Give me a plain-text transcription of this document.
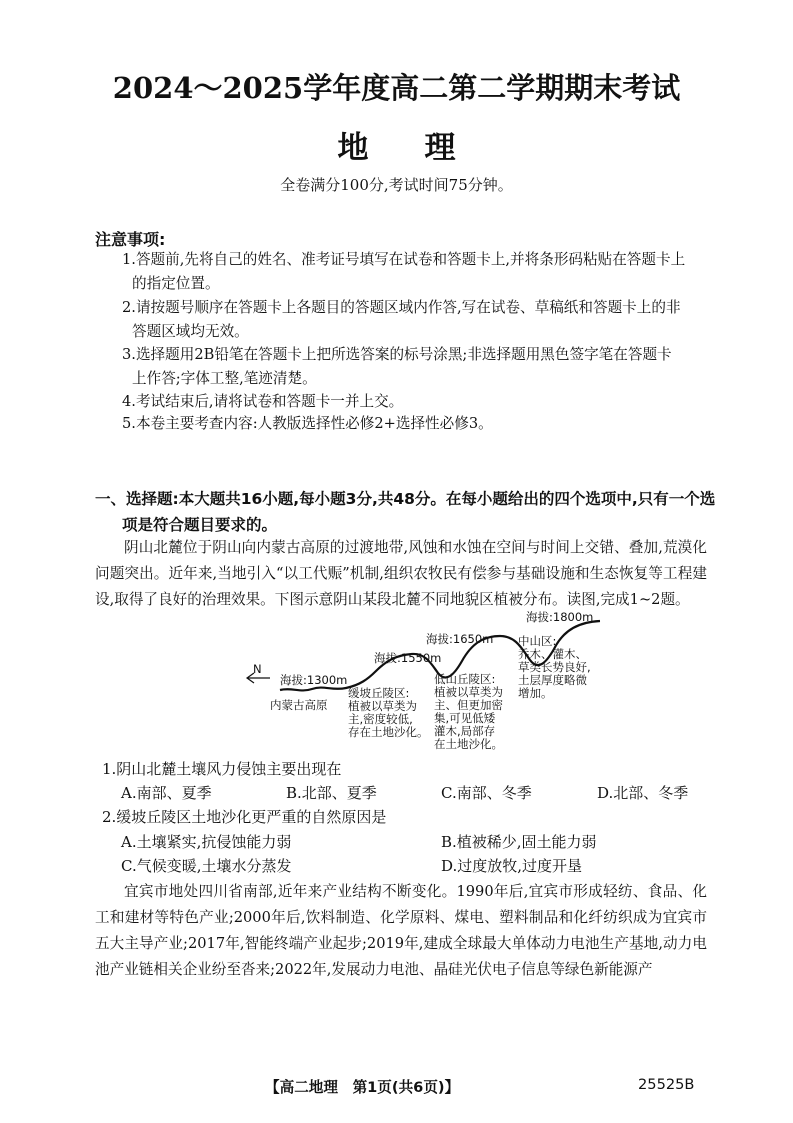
2024～2025学年度高二第二学期期末考试
地理
全卷满分100分,考试时间75分钟。
注意事项:
1.答题前,先将自己的姓名、准考证号填写在试卷和答题卡上,并将条形码粘贴在答题卡上
的指定位置。
2.请按题号顺序在答题卡上各题目的答题区域内作答,写在试卷、草稿纸和答题卡上的非
答题区域均无效。
3.选择题用2B铅笔在答题卡上把所选答案的标号涂黑;非选择题用黑色签字笔在答题卡
上作答;字体工整,笔迹清楚。
4.考试结束后,请将试卷和答题卡一并上交。
5.本卷主要考查内容:人教版选择性必修2+选择性必修3。
一、选择题:本大题共16小题,每小题3分,共48分。在每小题给出的四个选项中,只有一个选
项是符合题目要求的。
阴山北麓位于阴山向内蒙古高原的过渡地带,风蚀和水蚀在空间与时间上交错、叠加,荒漠化问题突出。近年来,当地引入“以工代赈”机制,组织农牧民有偿参与基础设施和生态恢复等工程建设,取得了良好的治理效果。下图示意阴山某段北麓不同地貌区植被分布。读图,完成1~2题。
N
海拔:1300m
海拔:1550m
海拔:1650m
海拔:1800m
内蒙古高原
缓坡丘陵区:
植被以草类为
主,密度较低,
存在土地沙化。
低山丘陵区:
植被以草类为
主、但更加密
集,可见低矮
灌木,局部存
在土地沙化。
中山区:
乔木、灌木、
草类长势良好,
土层厚度略微
增加。
1.阴山北麓土壤风力侵蚀主要出现在
A.南部、夏季	B.北部、夏季	C.南部、冬季	D.北部、冬季
2.缓坡丘陵区土地沙化更严重的自然原因是
A.土壤紧实,抗侵蚀能力弱	B.植被稀少,固土能力弱
C.气候变暖,土壤水分蒸发	D.过度放牧,过度开垦
宜宾市地处四川省南部,近年来产业结构不断变化。1990年后,宜宾市形成轻纺、食品、化工和建材等特色产业;2000年后,饮料制造、化学原料、煤电、塑料制品和化纤纺织成为宜宾市五大主导产业;2017年,智能终端产业起步;2019年,建成全球最大单体动力电池生产基地,动力电池产业链相关企业纷至沓来;2022年,发展动力电池、晶硅光伏电子信息等绿色新能源产
【高二地理　第1页(共6页)】	25525B
